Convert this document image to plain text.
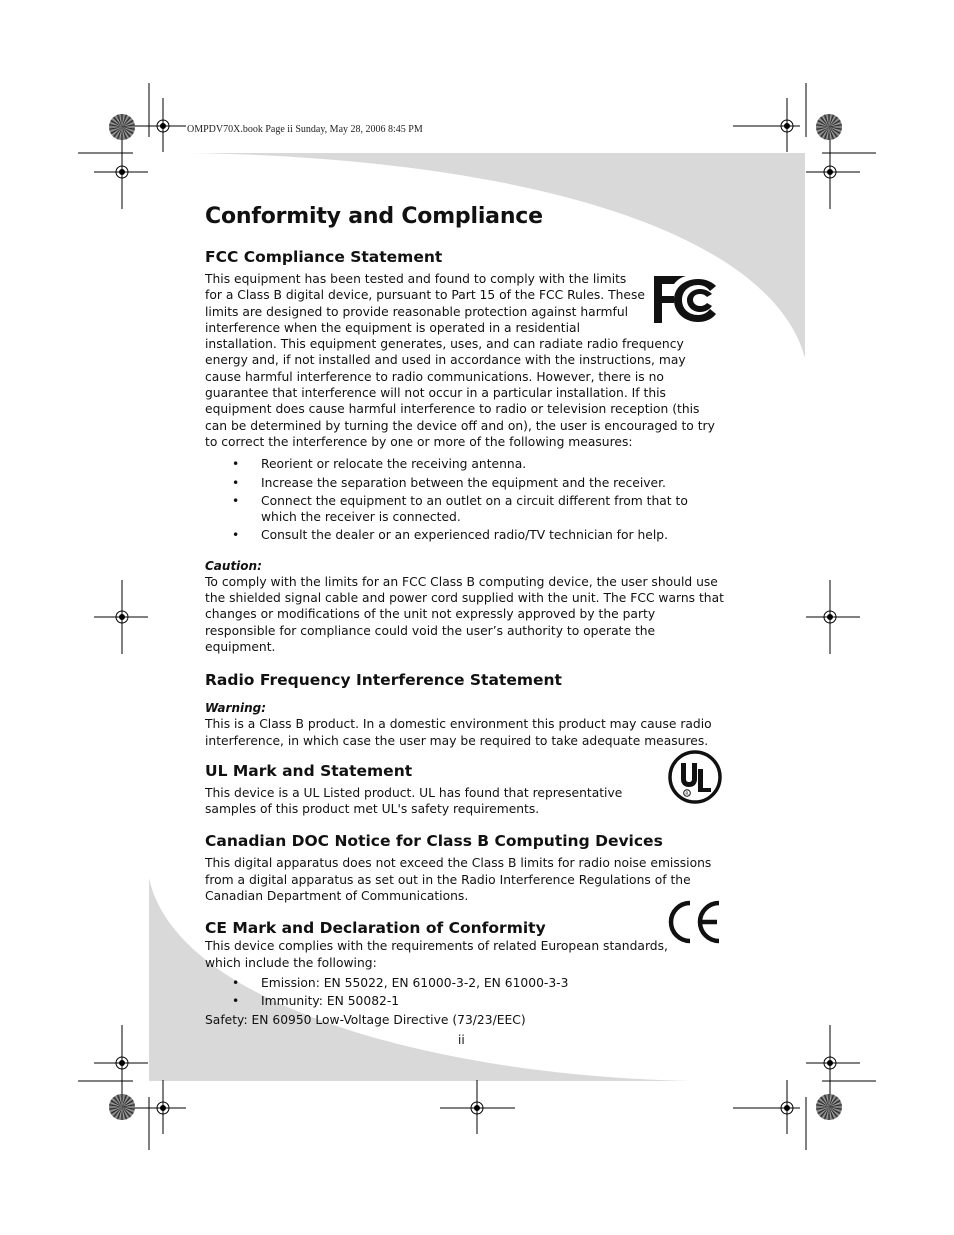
OMPDV70X.book Page ii Sunday, May 28, 2006 8:45 PM
Conformity and Compliance
FCC Compliance Statement

This equipment has been tested and found to comply with the limits
for a Class B digital device, pursuant to Part 15 of the FCC Rules. These
limits are designed to provide reasonable protection against harmful
interference when the equipment is operated in a residential
installation. This equipment generates, uses, and can radiate radio frequency energy and, if not installed and used in accordance with the instructions, may cause harmful interference to radio communications. However, there is no guarantee that interference will not occur in a particular installation. If this equipment does cause harmful interference to radio or television reception (this can be determined by turning the device off and on), the user is encouraged to try to correct the interference by one or more of the following measures:

• Reorient or relocate the receiving antenna.
• Increase the separation between the equipment and the receiver.
• Connect the equipment to an outlet on a circuit different from that to which the receiver is connected.
• Consult the dealer or an experienced radio/TV technician for help.

Caution:

To comply with the limits for an FCC Class B computing device, the user should use the shielded signal cable and power cord supplied with the unit. The FCC warns that changes or modifications of the unit not expressly approved by the party responsible for compliance could void the user’s authority to operate the equipment.

Radio Frequency Interference Statement

Warning:

This is a Class B product. In a domestic environment this product may cause radio interference, in which case the user may be required to take adequate measures.

UL Mark and Statement

This device is a UL Listed product. UL has found that representative
samples of this product met UL's safety requirements.

Canadian DOC Notice for Class B Computing Devices

This digital apparatus does not exceed the Class B limits for radio noise emissions from a digital apparatus as set out in the Radio Interference Regulations of the Canadian Department of Communications.

CE Mark and Declaration of Conformity

This device complies with the requirements of related European standards,
which include the following:

• Emission: EN 55022, EN 61000-3-2, EN 61000-3-3
• Immunity: EN 50082-1

Safety: EN 60950 Low-Voltage Directive (73/23/EEC)

R
ii
